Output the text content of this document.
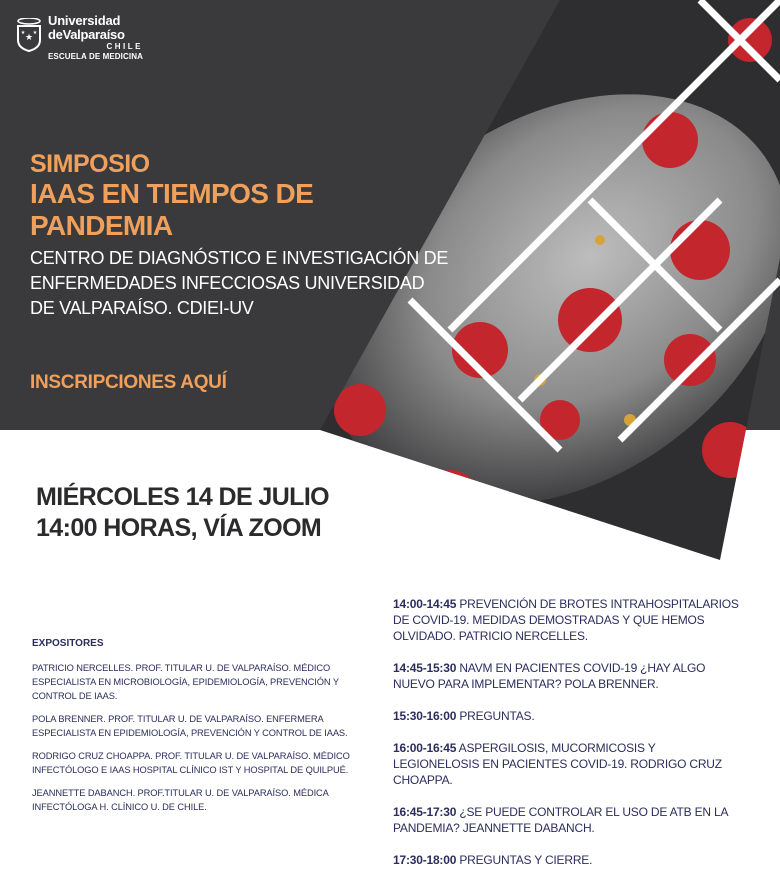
★
★ ★
Universidad
deValparaíso
CHILE
ESCUELA DE MEDICINA
SIMPOSIO
IAAS EN TIEMPOS DE PANDEMIA
CENTRO DE DIAGNÓSTICO E INVESTIGACIÓN DE ENFERMEDADES INFECCIOSAS UNIVERSIDAD DE VALPARAÍSO. CDIEI-UV
INSCRIPCIONES AQUÍ
MIÉRCOLES 14 DE JULIO
14:00 HORAS, VÍA ZOOM
EXPOSITORES
PATRICIO NERCELLES. PROF. TITULAR U. DE VALPARAÍSO. MÉDICO ESPECIALISTA EN MICROBIOLOGÍA, EPIDEMIOLOGÍA, PREVENCIÓN Y CONTROL DE IAAS.
POLA BRENNER. PROF. TITULAR U. DE VALPARAÍSO. ENFERMERA ESPECIALISTA EN EPIDEMIOLOGÍA, PREVENCIÓN Y CONTROL DE IAAS.
RODRIGO CRUZ CHOAPPA. PROF. TITULAR U. DE VALPARAÍSO. MÉDICO INFECTÓLOGO E IAAS HOSPITAL CLÍNICO IST Y HOSPITAL DE QUILPUÉ.
JEANNETTE DABANCH. PROF.TITULAR U. DE VALPARAÍSO. MÉDICA INFECTÓLOGA H. CLÍNICO U. DE CHILE.
14:00-14:45 PREVENCIÓN DE BROTES INTRAHOSPITALARIOS DE COVID-19. MEDIDAS DEMOSTRADAS Y QUE HEMOS OLVIDADO. PATRICIO NERCELLES.
14:45-15:30 NAVM EN PACIENTES COVID-19 ¿HAY ALGO NUEVO PARA IMPLEMENTAR? POLA BRENNER.
15:30-16:00 PREGUNTAS.
16:00-16:45 ASPERGILOSIS, MUCORMICOSIS Y LEGIONELOSIS EN PACIENTES COVID-19. RODRIGO CRUZ CHOAPPA.
16:45-17:30 ¿SE PUEDE CONTROLAR EL USO DE ATB EN LA PANDEMIA? JEANNETTE DABANCH.
17:30-18:00 PREGUNTAS Y CIERRE.
